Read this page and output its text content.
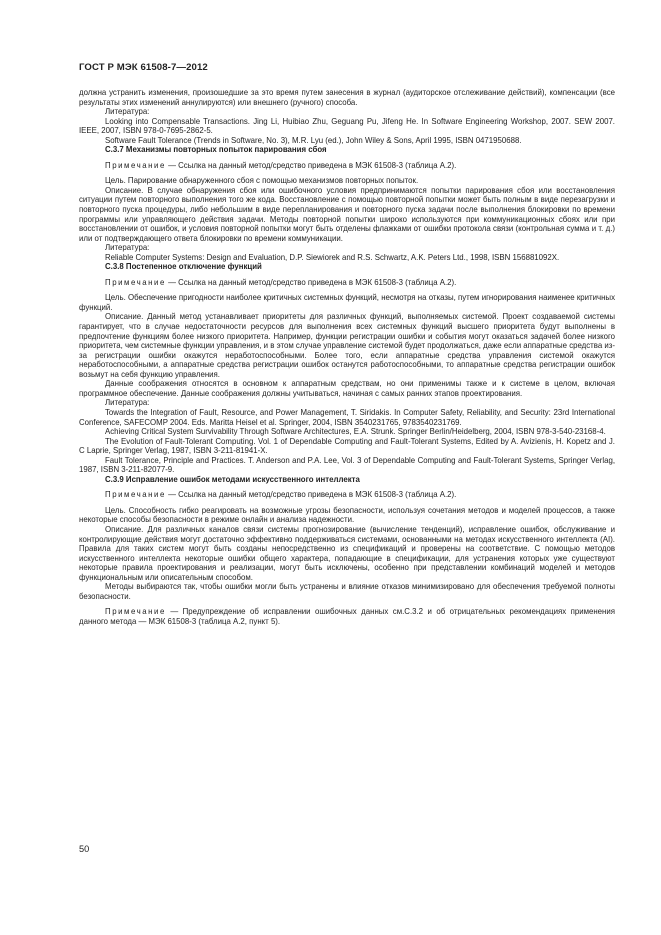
ГОСТ Р МЭК 61508-7—2012

должна устранить изменения, произошедшие за это время путем занесения в журнал (аудиторское отслеживание действий), компенсации (все результаты этих изменений аннулируются) или внешнего (ручного) способа.

Литература:

Looking into Compensable Transactions. Jing Li, Huibiao Zhu, Geguang Pu, Jifeng He. In Software Engineering Workshop, 2007. SEW 2007. IEEE, 2007, ISBN 978-0-7695-2862-5.

Software Fault Tolerance (Trends in Software, No. 3), M.R. Lyu (ed.), John Wiley & Sons, April 1995, ISBN 0471950688.

С.3.7 Механизмы повторных попыток парирования сбоя

Примечание — Ссылка на данный метод/средство приведена в МЭК 61508-3 (таблица А.2).

Цель. Парирование обнаруженного сбоя с помощью механизмов повторных попыток.

Описание. В случае обнаружения сбоя или ошибочного условия предпринимаются попытки парирования сбоя или восстановления ситуации путем повторного выполнения того же кода. Восстановление с помощью повторной попытки может быть полным в виде перезагрузки и повторного пуска процедуры, либо небольшим в виде перепланирования и повторного пуска задачи после выполнения блокировки по времени программы или управляющего действия задачи. Методы повторной попытки широко используются при коммуникационных сбоях или при восстановлении от ошибок, и условия повторной попытки могут быть отделены флажками от ошибки протокола связи (контрольная сумма и т. д.) или от подтверждающего ответа блокировки по времени коммуникации.

Литература:

Reliable Computer Systems: Design and Evaluation, D.P. Siewiorek and R.S. Schwartz, A.K. Peters Ltd., 1998, ISBN 156881092X.

С.3.8 Постепенное отключение функций

Примечание — Ссылка на данный метод/средство приведена в МЭК 61508-3 (таблица А.2).

Цель. Обеспечение пригодности наиболее критичных системных функций, несмотря на отказы, путем игнорирования наименее критичных функций.

Описание. Данный метод устанавливает приоритеты для различных функций, выполняемых системой. Проект создаваемой системы гарантирует, что в случае недостаточности ресурсов для выполнения всех системных функций высшего приоритета будут выполнены в предпочтение функциям более низкого приоритета. Например, функции регистрации ошибки и события могут оказаться задачей более низкого приоритета, чем системные функции управления, и в этом случае управление системой будет продолжаться, даже если аппаратные средства из-за регистрации ошибки окажутся неработоспособными. Более того, если аппаратные средства управления системой окажутся неработоспособными, а аппаратные средства регистрации ошибок останутся работоспособными, то аппаратные средства регистрации ошибок возьмут на себя функцию управления.

Данные соображения относятся в основном к аппаратным средствам, но они применимы также и к системе в целом, включая программное обеспечение. Данные соображения должны учитываться, начиная с самых ранних этапов проектирования.

Литература:

Towards the Integration of Fault, Resource, and Power Management, T. Siridakis. In Computer Safety, Reliability, and Security: 23rd International Conference, SAFECOMP 2004. Eds. Maritta Heisel et al. Springer, 2004, ISBN 3540231765, 9783540231769.

Achieving Critical System Survivability Through Software Architectures, E.A. Strunk. Springer Berlin/Heidelberg, 2004, ISBN 978-3-540-23168-4.

The Evolution of Fault-Tolerant Computing. Vol. 1 of Dependable Computing and Fault-Tolerant Systems, Edited by A. Avizienis, H. Kopetz and J. C Laprie, Springer Verlag, 1987, ISBN 3-211-81941-X.

Fault Tolerance, Principle and Practices. T. Anderson and P.A. Lee, Vol. 3 of Dependable Computing and Fault-Tolerant Systems, Springer Verlag, 1987, ISBN 3-211-82077-9.

С.3.9 Исправление ошибок методами искусственного интеллекта

Примечание — Ссылка на данный метод/средство приведена в МЭК 61508-3 (таблица А.2).

Цель. Способность гибко реагировать на возможные угрозы безопасности, используя сочетания методов и моделей процессов, а также некоторые способы безопасности в режиме онлайн и анализа надежности.

Описание. Для различных каналов связи системы прогнозирование (вычисление тенденций), исправление ошибок, обслуживание и контролирующие действия могут достаточно эффективно поддерживаться системами, основанными на методах искусственного интеллекта (AI). Правила для таких систем могут быть созданы непосредственно из спецификаций и проверены на соответствие. С помощью методов искусственного интеллекта некоторые ошибки общего характера, попадающие в спецификации, для устранения которых уже существуют некоторые правила проектирования и реализации, могут быть исключены, особенно при представлении комбинаций моделей и методов функциональным или описательным способом.

Методы выбираются так, чтобы ошибки могли быть устранены и влияние отказов минимизировано для обеспечения требуемой полноты безопасности.

Примечание — Предупреждение об исправлении ошибочных данных см.С.3.2 и об отрицательных рекомендациях применения данного метода — МЭК 61508-3 (таблица А.2, пункт 5).

50
